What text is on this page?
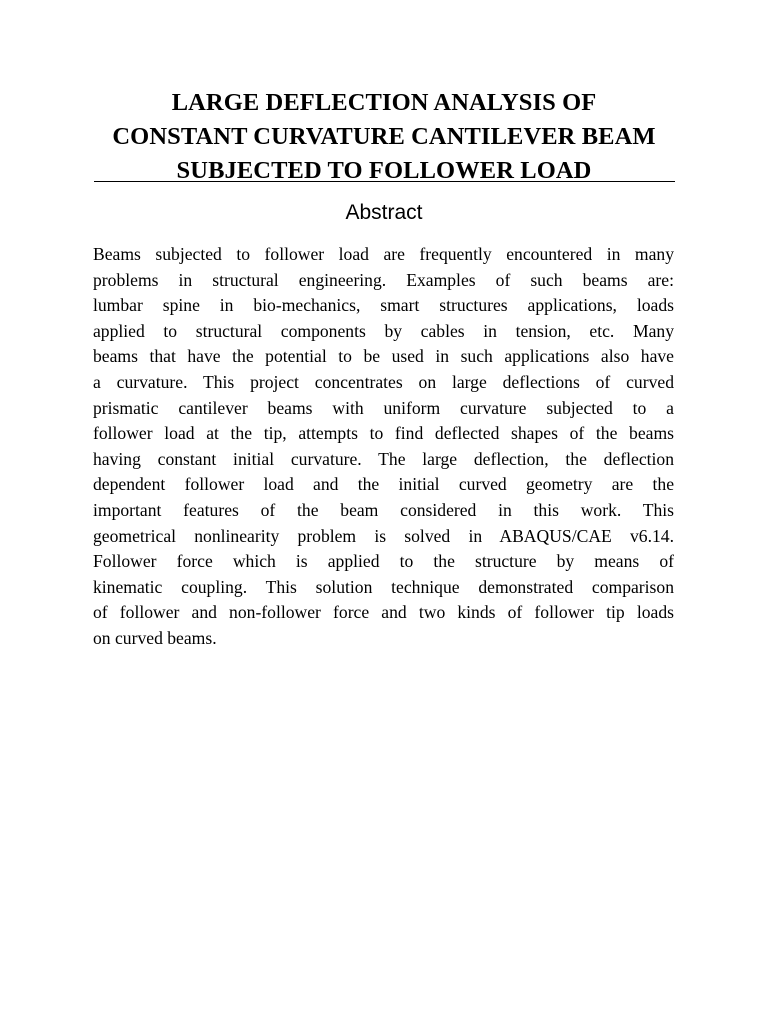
LARGE DEFLECTION ANALYSIS OF
CONSTANT CURVATURE CANTILEVER BEAM
SUBJECTED TO FOLLOWER LOAD
Abstract
Beams subjected to follower load are frequently encountered in many
problems in structural engineering. Examples of such beams are:
lumbar spine in bio-mechanics, smart structures applications, loads
applied to structural components by cables in tension, etc. Many
beams that have the potential to be used in such applications also have
a curvature. This project concentrates on large deflections of curved
prismatic cantilever beams with uniform curvature subjected to a
follower load at the tip, attempts to find deflected shapes of the beams
having constant initial curvature. The large deflection, the deflection
dependent follower load and the initial curved geometry are the
important features of the beam considered in this work. This
geometrical nonlinearity problem is solved in ABAQUS/CAE v6.14.
Follower force which is applied to the structure by means of
kinematic coupling. This solution technique demonstrated comparison
of follower and non-follower force and two kinds of follower tip loads
on curved beams.
